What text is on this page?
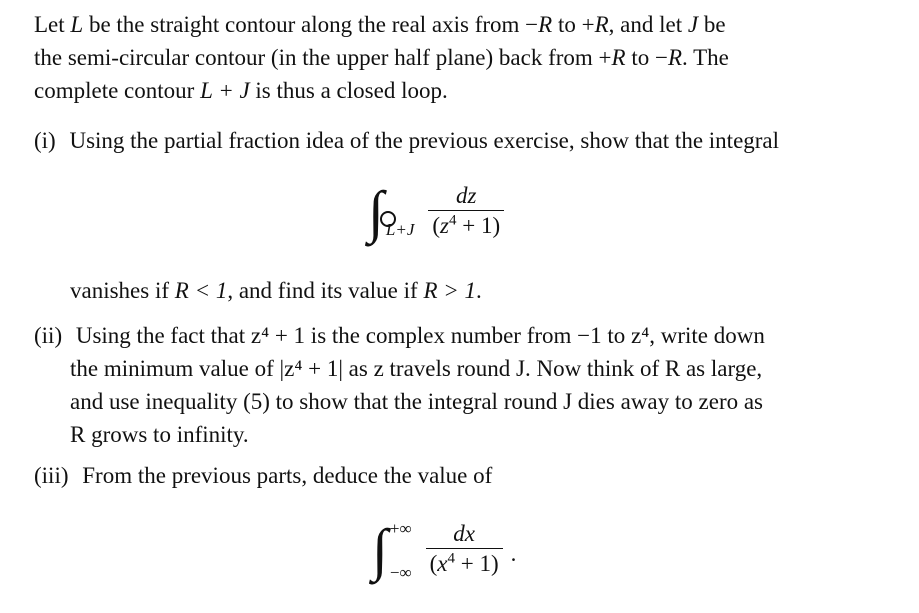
Let L be the straight contour along the real axis from −R to +R, and let J be
the semi-circular contour (in the upper half plane) back from +R to −R. The
complete contour L + J is thus a closed loop.
(i) Using the partial fraction idea of the previous exercise, show that the integral
∫ $L+J \frac{dz}{(z^4 + 1)}$
vanishes if R < 1, and find its value if R > 1.
(ii) Using the fact that z⁴ + 1 is the complex number from −1 to z⁴, write down

the minimum value of |z⁴ + 1| as z travels round J. Now think of R as large,
and use inequality (5) to show that the integral round J dies away to zero as
R grows to infinity.
(iii) From the previous parts, deduce the value of
∫ +∞
−∞ $\frac{dx}{(x^4 + 1)}$ .
